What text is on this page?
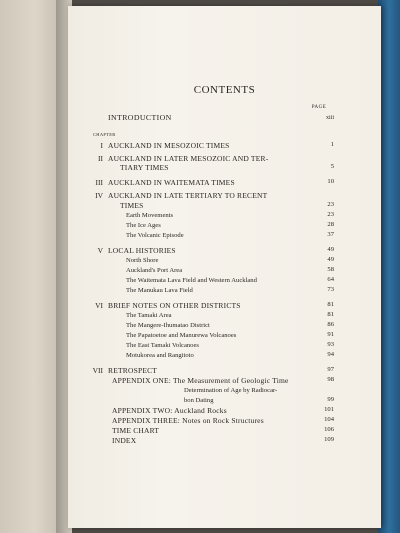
CONTENTS
PAGE
INTRODUCTION	xiii
CHAPTER
I AUCKLAND IN MESOZOIC TIMES	1
II AUCKLAND IN LATER MESOZOIC AND TER-
TIARY TIMES	5
III AUCKLAND IN WAITEMATA TIMES	10
IV AUCKLAND IN LATE TERTIARY TO RECENT
TIMES	23
Earth Movements	23
The Ice Ages	28
The Volcanic Episode	37
V LOCAL HISTORIES	49
North Shore	49
Auckland's Port Area	58
The Waitemata Lava Field and Western Auckland	64
The Manukau Lava Field	73
VI BRIEF NOTES ON OTHER DISTRICTS	81
The Tamaki Area	81
The Mangere-Ihumatao District	86
The Papatoetoe and Manurewa Volcanoes	91
The East Tamaki Volcanoes	93
Motukorea and Rangitoto	94
VII RETROSPECT	97
APPENDIX ONE: The Measurement of Geologic Time	98
Determination of Age by Radiocar-
bon Dating	99
APPENDIX TWO: Auckland Rocks	101
APPENDIX THREE: Notes on Rock Structures	104
TIME CHART	106
INDEX	109
